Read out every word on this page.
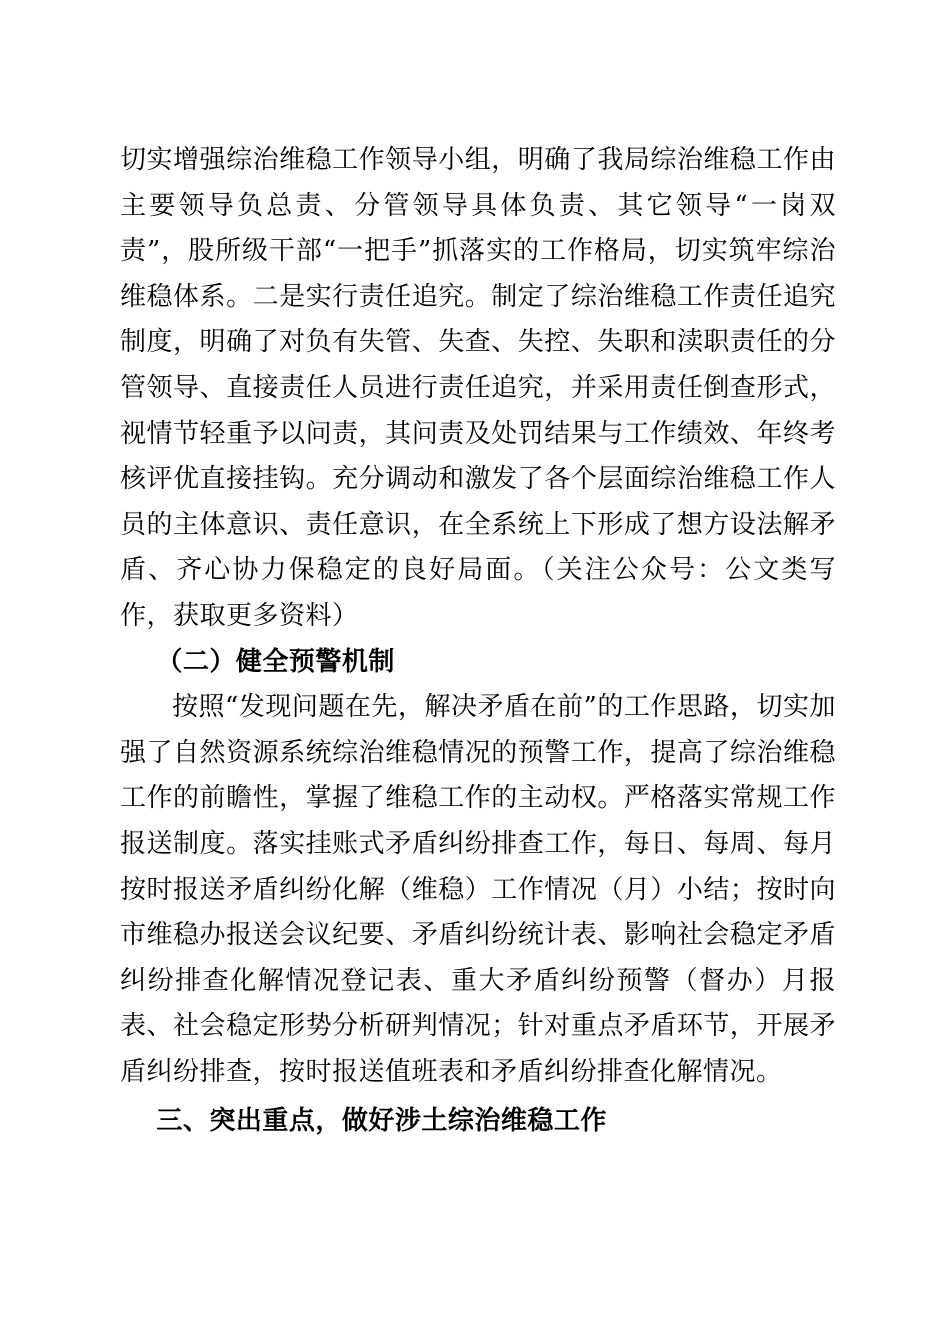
切实增强综治维稳工作领导小组，明确了我局综治维稳工作由主要领导负总责、分管领导具体负责、其它领导“一岗双责”，股所级干部“一把手”抓落实的工作格局，切实筑牢综治维稳体系。二是实行责任追究。制定了综治维稳工作责任追究制度，明确了对负有失管、失查、失控、失职和渎职责任的分管领导、直接责任人员进行责任追究，并采用责任倒查形式，视情节轻重予以问责，其问责及处罚结果与工作绩效、年终考核评优直接挂钩。充分调动和激发了各个层面综治维稳工作人员的主体意识、责任意识，在全系统上下形成了想方设法解矛盾、齐心协力保稳定的良好局面。（关注公众号：公文类写作，获取更多资料）

（二）健全预警机制

按照“发现问题在先，解决矛盾在前”的工作思路，切实加强了自然资源系统综治维稳情况的预警工作，提高了综治维稳工作的前瞻性，掌握了维稳工作的主动权。严格落实常规工作报送制度。落实挂账式矛盾纠纷排查工作，每日、每周、每月按时报送矛盾纠纷化解（维稳）工作情况（月）小结；按时向市维稳办报送会议纪要、矛盾纠纷统计表、影响社会稳定矛盾纠纷排查化解情况登记表、重大矛盾纠纷预警（督办）月报表、社会稳定形势分析研判情况；针对重点矛盾环节，开展矛盾纠纷排查，按时报送值班表和矛盾纠纷排查化解情况。

三、突出重点，做好涉土综治维稳工作
